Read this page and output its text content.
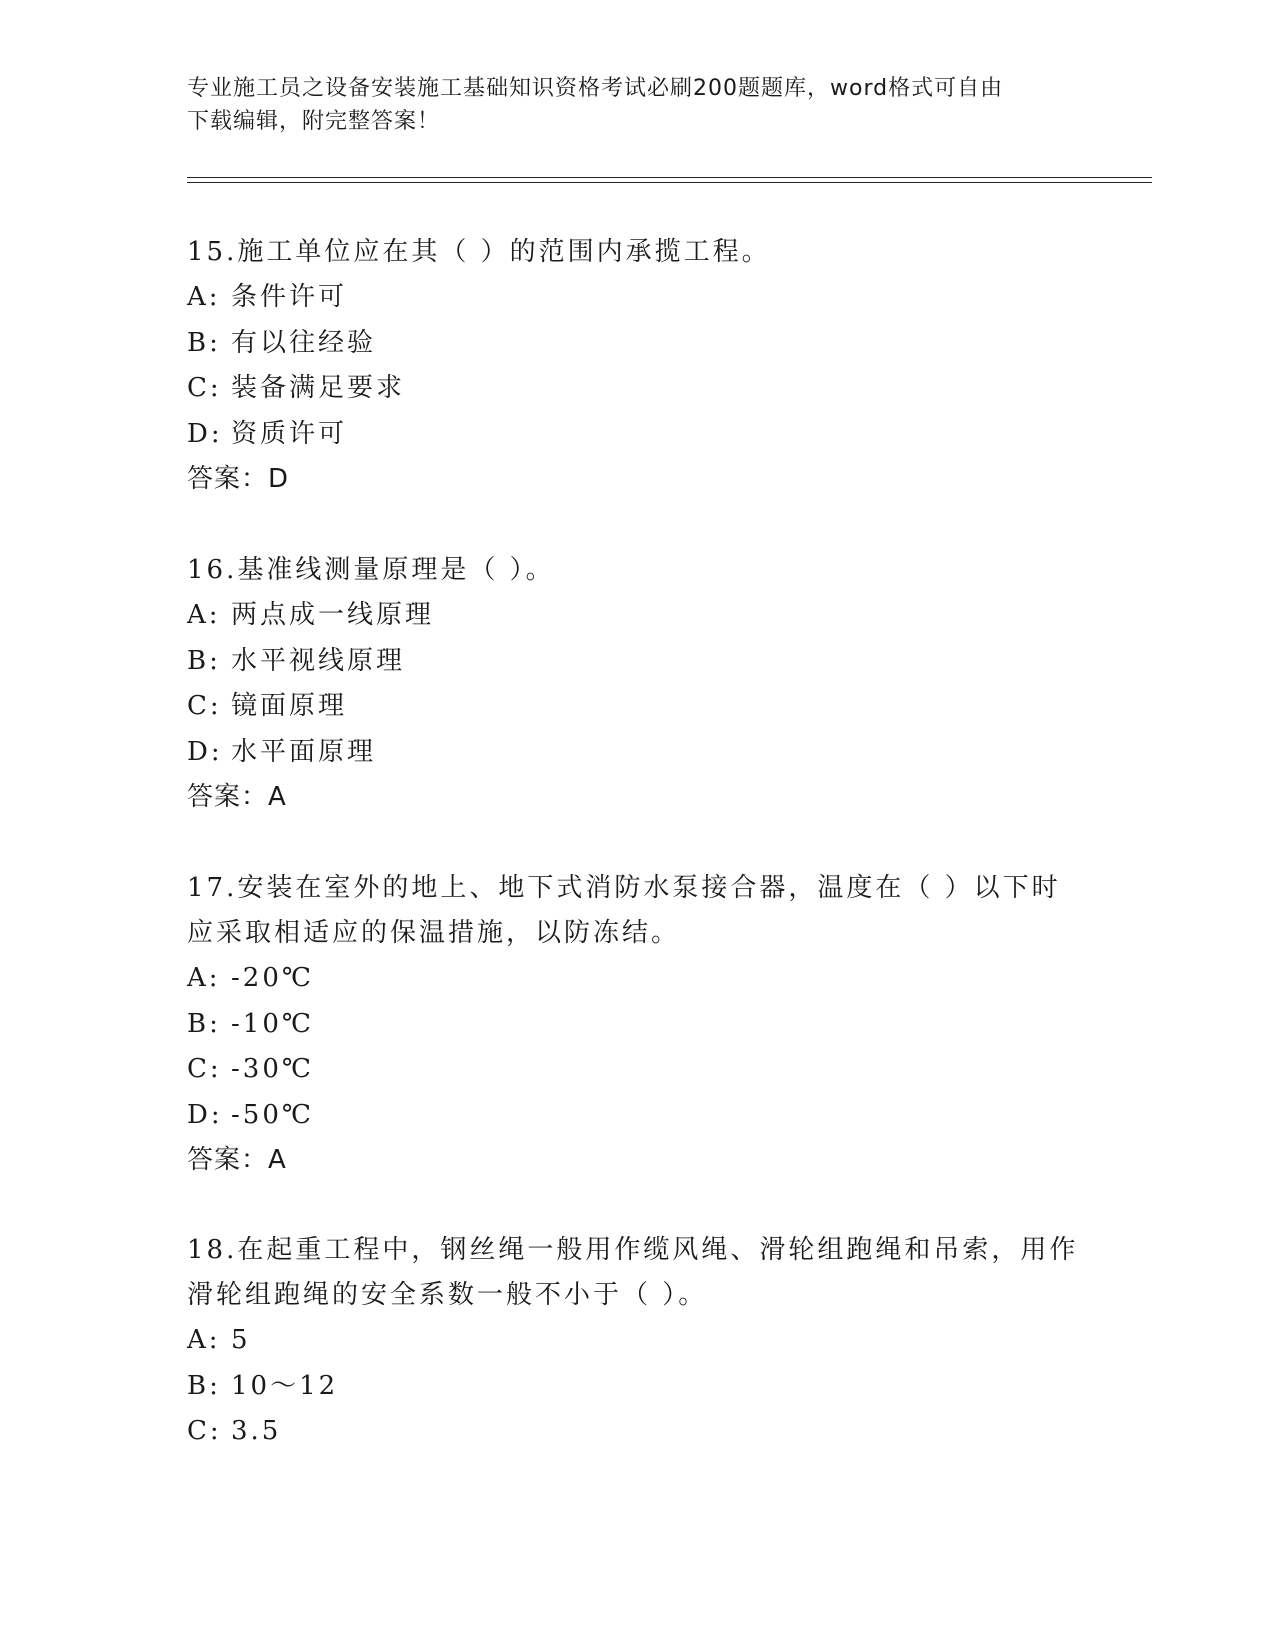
专业施工员之设备安装施工基础知识资格考试必刷200题题库，word格式可自由
下载编辑，附完整答案！
15.施工单位应在其（ ）的范围内承揽工程。
A: 条件许可
B: 有以往经验
C: 装备满足要求
D: 资质许可
答案：D
16.基准线测量原理是（ ）。
A: 两点成一线原理
B: 水平视线原理
C: 镜面原理
D: 水平面原理
答案：A
17.安装在室外的地上、地下式消防水泵接合器，温度在（ ）以下时应采取相适应的保温措施，以防冻结。
A: -20℃
B: -10℃
C: -30℃
D: -50℃
答案：A
18.在起重工程中，钢丝绳一般用作缆风绳、滑轮组跑绳和吊索，用作滑轮组跑绳的安全系数一般不小于（ ）。
A: 5
B: 10～12
C: 3.5
